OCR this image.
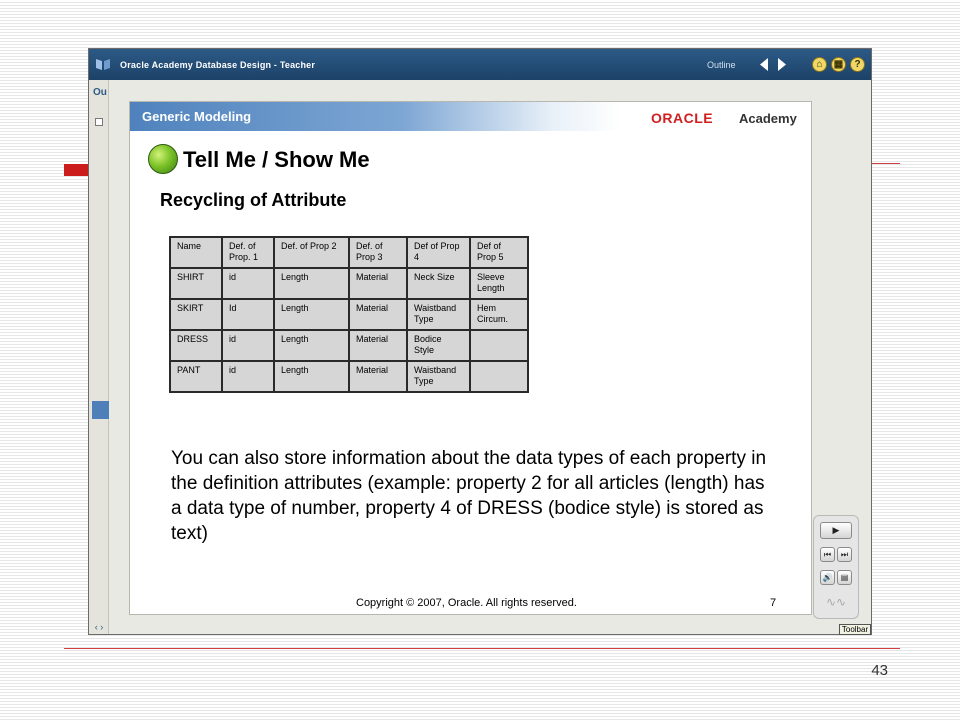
Oracle Academy Database Design - Teacher	Outline	⌂	▦	?
Ou
‹ ›
Generic Modeling	ORACLE Academy
Tell Me / Show Me
Recycling of Attribute
Name	Def. of Prop. 1	Def. of Prop 2	Def. of Prop 3	Def of Prop 4	Def of Prop 5
SHIRT	id	Length	Material	Neck Size	Sleeve Length
SKIRT	Id	Length	Material	Waistband Type	Hem Circum.
DRESS	id	Length	Material	Bodice Style	
PANT	id	Length	Material	Waistband Type	
You can also store information about the data types of each property in the definition attributes (example: property 2 for all articles (length) has a data type of number, property 4 of DRESS (bodice style) is stored as text)
Copyright © 2007, Oracle. All rights reserved.	7
▶
⏮	⏭
🔊	▤
∿∿
Toolbar
43
